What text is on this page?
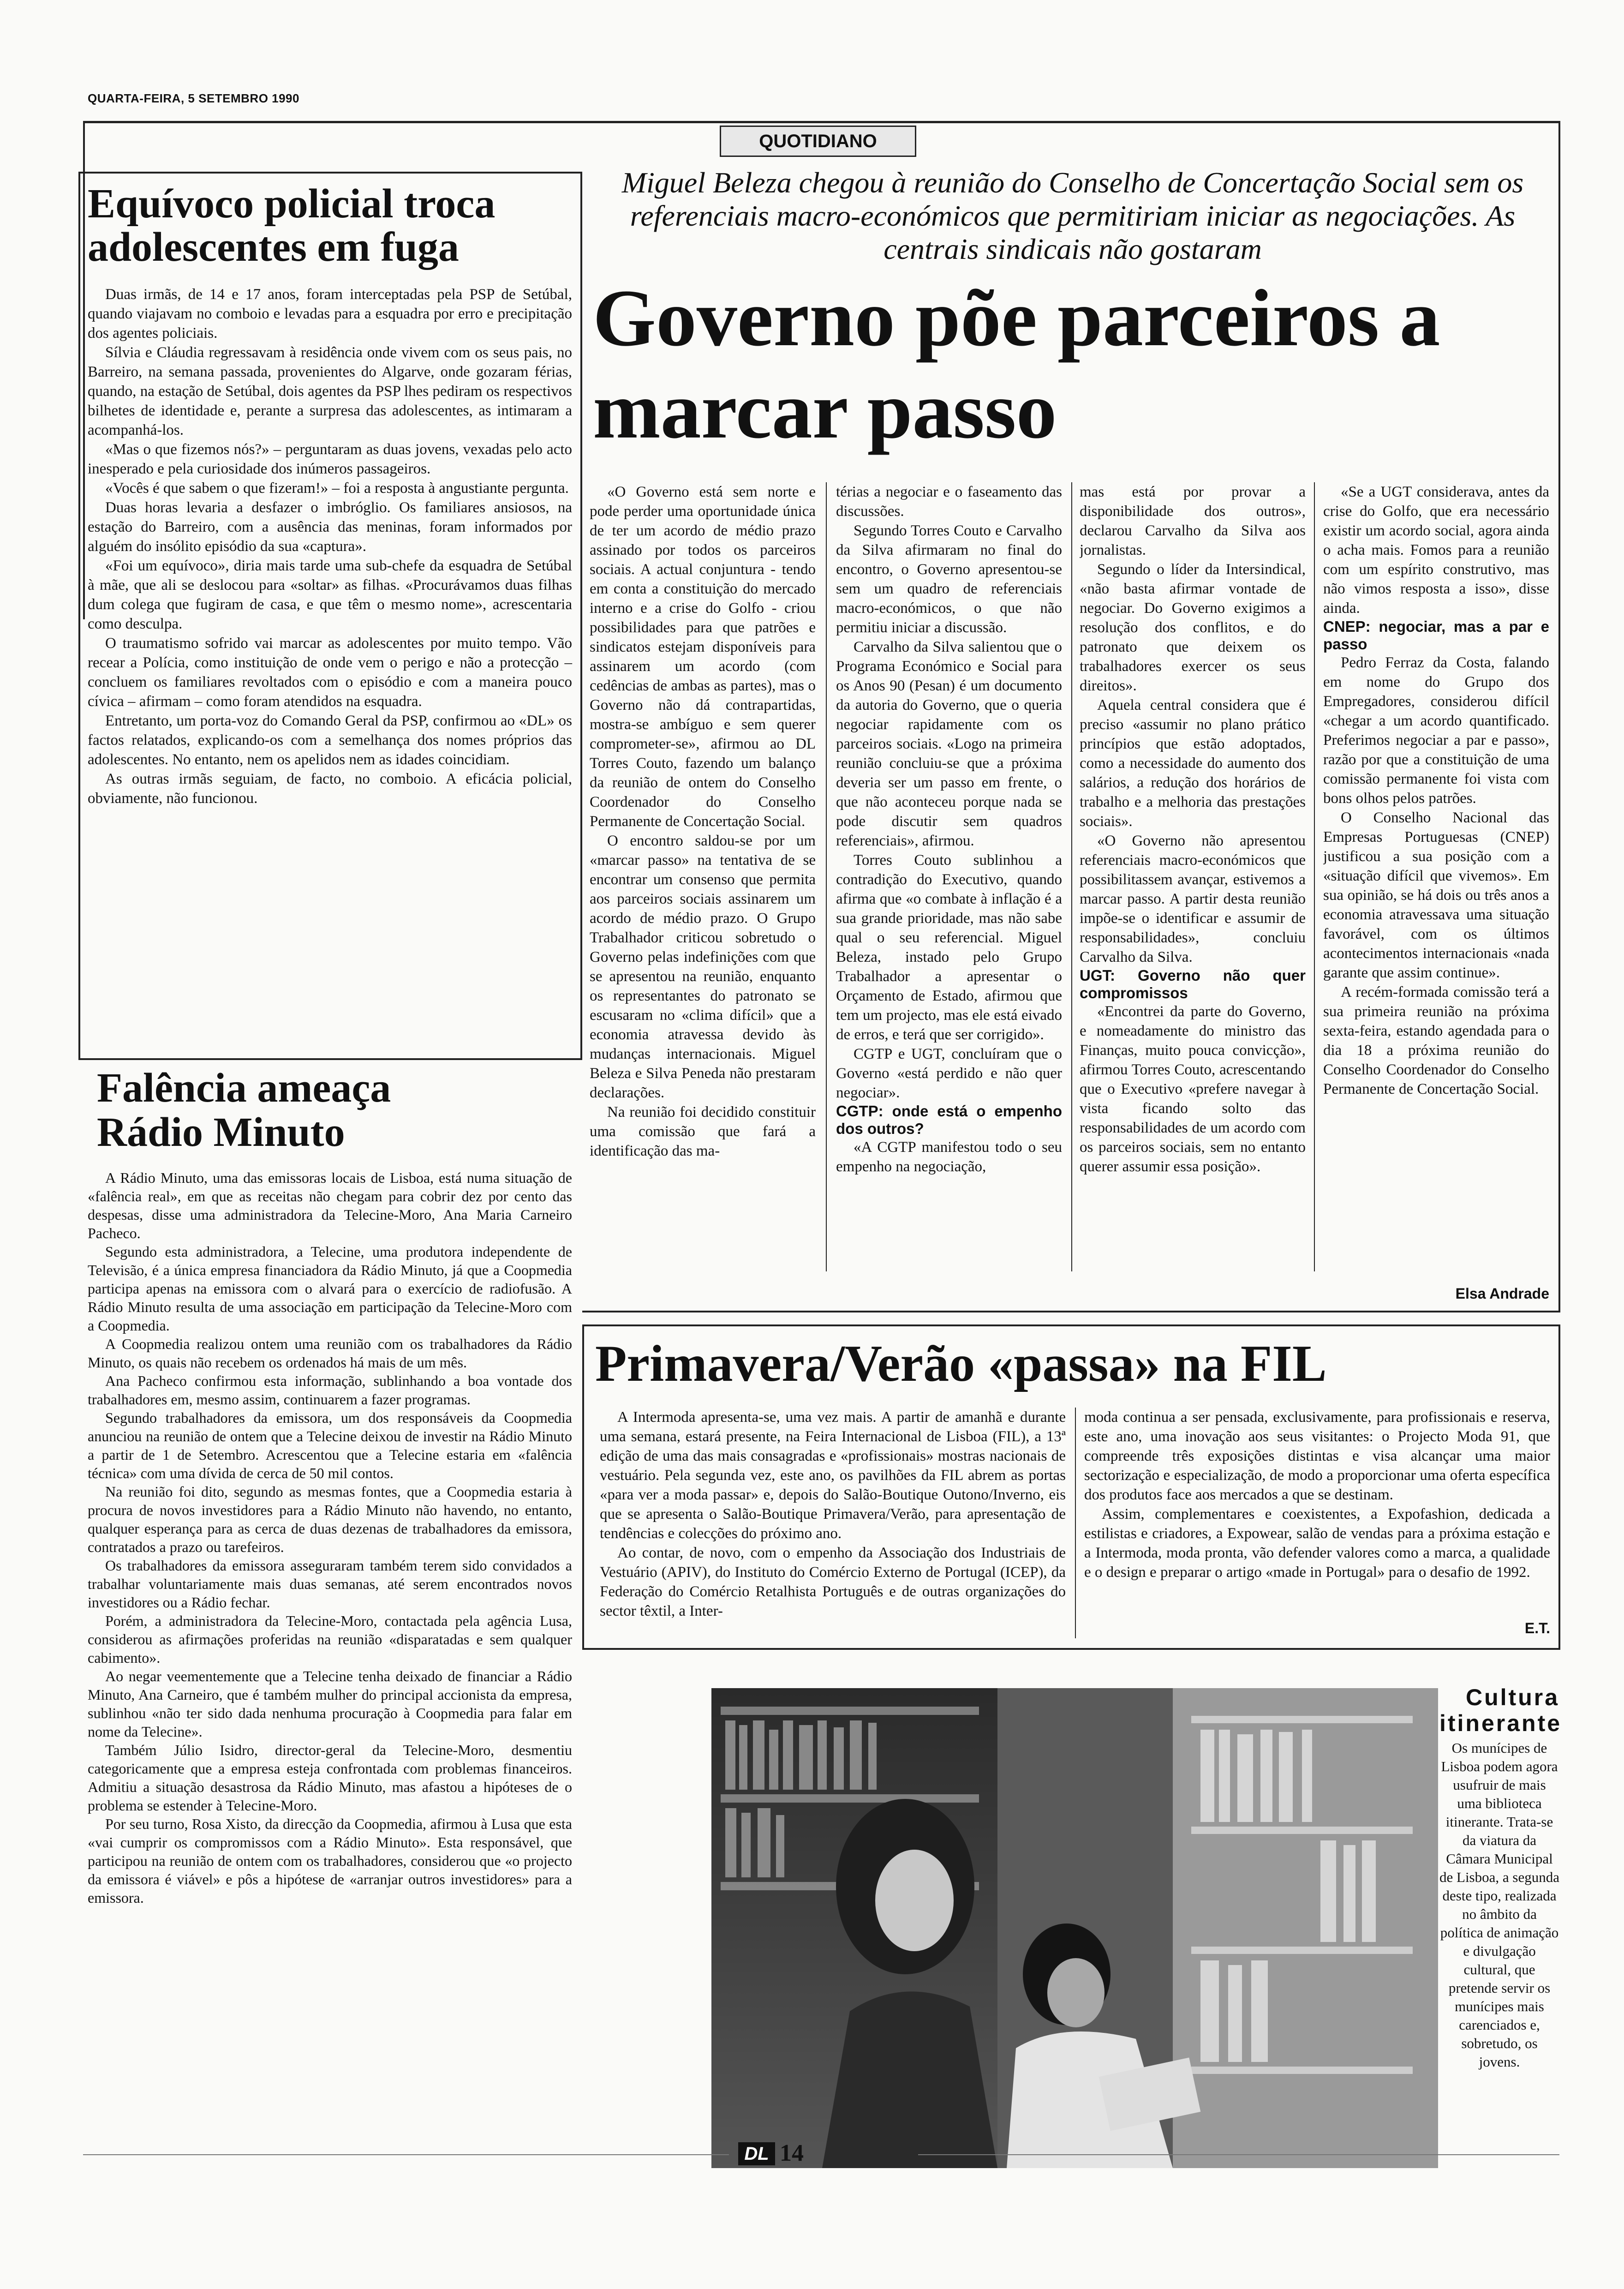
QUARTA-FEIRA, 5 SETEMBRO 1990
QUOTIDIANO
Equívoco policial troca adolescentes em fuga

Duas irmãs, de 14 e 17 anos, foram interceptadas pela PSP de Setúbal, quando viajavam no comboio e levadas para a esquadra por erro e precipitação dos agentes policiais.

Sílvia e Cláudia regressavam à residência onde vivem com os seus pais, no Barreiro, na semana passada, provenientes do Algarve, onde gozaram férias, quando, na estação de Setúbal, dois agentes da PSP lhes pediram os respectivos bilhetes de identidade e, perante a surpresa das adolescentes, as intimaram a acompanhá-los.

«Mas o que fizemos nós?» – perguntaram as duas jovens, vexadas pelo acto inesperado e pela curiosidade dos inúmeros passageiros.

«Vocês é que sabem o que fizeram!» – foi a resposta à angustiante pergunta.

Duas horas levaria a desfazer o imbróglio. Os familiares ansiosos, na estação do Barreiro, com a ausência das meninas, foram informados por alguém do insólito episódio da sua «captura».

«Foi um equívoco», diria mais tarde uma sub-chefe da esquadra de Setúbal à mãe, que ali se deslocou para «soltar» as filhas. «Procurávamos duas filhas dum colega que fugiram de casa, e que têm o mesmo nome», acrescentaria como desculpa.

O traumatismo sofrido vai marcar as adolescentes por muito tempo. Vão recear a Polícia, como instituição de onde vem o perigo e não a protecção – concluem os familiares revoltados com o episódio e com a maneira pouco cívica – afirmam – como foram atendidos na esquadra.

Entretanto, um porta-voz do Comando Geral da PSP, confirmou ao «DL» os factos relatados, explicando-os com a semelhança dos nomes próprios das adolescentes. No entanto, nem os apelidos nem as idades coincidiam.

As outras irmãs seguiam, de facto, no comboio. A eficácia policial, obviamente, não funcionou.

Falência ameaça Rádio Minuto

A Rádio Minuto, uma das emissoras locais de Lisboa, está numa situação de «falência real», em que as receitas não chegam para cobrir dez por cento das despesas, disse uma administradora da Telecine-Moro, Ana Maria Carneiro Pacheco.

Segundo esta administradora, a Telecine, uma produtora independente de Televisão, é a única empresa financiadora da Rádio Minuto, já que a Coopmedia participa apenas na emissora com o alvará para o exercício de radiofusão. A Rádio Minuto resulta de uma associação em participação da Telecine-Moro com a Coopmedia.

A Coopmedia realizou ontem uma reunião com os trabalhadores da Rádio Minuto, os quais não recebem os ordenados há mais de um mês.

Ana Pacheco confirmou esta informação, sublinhando a boa vontade dos trabalhadores em, mesmo assim, continuarem a fazer programas.

Segundo trabalhadores da emissora, um dos responsáveis da Coopmedia anunciou na reunião de ontem que a Telecine deixou de investir na Rádio Minuto a partir de 1 de Setembro. Acrescentou que a Telecine estaria em «falência técnica» com uma dívida de cerca de 50 mil contos.

Na reunião foi dito, segundo as mesmas fontes, que a Coopmedia estaria à procura de novos investidores para a Rádio Minuto não havendo, no entanto, qualquer esperança para as cerca de duas dezenas de trabalhadores da emissora, contratados a prazo ou tarefeiros.

Os trabalhadores da emissora asseguraram também terem sido convidados a trabalhar voluntariamente mais duas semanas, até serem encontrados novos investidores ou a Rádio fechar.

Porém, a administradora da Telecine-Moro, contactada pela agência Lusa, considerou as afirmações proferidas na reunião «disparatadas e sem qualquer cabimento».

Ao negar veementemente que a Telecine tenha deixado de financiar a Rádio Minuto, Ana Carneiro, que é também mulher do principal accionista da empresa, sublinhou «não ter sido dada nenhuma procuração à Coopmedia para falar em nome da Telecine».

Também Júlio Isidro, director-geral da Telecine-Moro, desmentiu categoricamente que a empresa esteja confrontada com problemas financeiros. Admitiu a situação desastrosa da Rádio Minuto, mas afastou a hipóteses de o problema se estender à Telecine-Moro.

Por seu turno, Rosa Xisto, da direcção da Coopmedia, afirmou à Lusa que esta «vai cumprir os compromissos com a Rádio Minuto». Esta responsável, que participou na reunião de ontem com os trabalhadores, considerou que «o projecto da emissora é viável» e pôs a hipótese de «arranjar outros investidores» para a emissora.

Miguel Beleza chegou à reunião do Conselho de Concertação Social sem os referenciais macro-económicos que permitiriam iniciar as negociações. As centrais sindicais não gostaram
Governo põe parceiros a marcar passo

«O Governo está sem norte e pode perder uma oportunidade única de ter um acordo de médio prazo assinado por todos os parceiros sociais. A actual conjuntura - tendo em conta a constituição do mercado interno e a crise do Golfo - criou possibilidades para que patrões e sindicatos estejam disponíveis para assinarem um acordo (com cedências de ambas as partes), mas o Governo não dá contrapartidas, mostra-se ambíguo e sem querer comprometer-se», afirmou ao DL Torres Couto, fazendo um balanço da reunião de ontem do Conselho Coordenador do Conselho Permanente de Concertação Social.

O encontro saldou-se por um «marcar passo» na tentativa de se encontrar um consenso que permita aos parceiros sociais assinarem um acordo de médio prazo. O Grupo Trabalhador criticou sobretudo o Governo pelas indefinições com que se apresentou na reunião, enquanto os representantes do patronato se escusaram no «clima difícil» que a economia atravessa devido às mudanças internacionais. Miguel Beleza e Silva Peneda não prestaram declarações.

Na reunião foi decidido constituir uma comissão que fará a identificação das ma-

térias a negociar e o faseamento das discussões.

Segundo Torres Couto e Carvalho da Silva afirmaram no final do encontro, o Governo apresentou-se sem um quadro de referenciais macro-económicos, o que não permitiu iniciar a discussão.

Carvalho da Silva salientou que o Programa Económico e Social para os Anos 90 (Pesan) é um documento da autoria do Governo, que o queria negociar rapidamente com os parceiros sociais. «Logo na primeira reunião concluiu-se que a próxima deveria ser um passo em frente, o que não aconteceu porque nada se pode discutir sem quadros referenciais», afirmou.

Torres Couto sublinhou a contradição do Executivo, quando afirma que «o combate à inflação é a sua grande prioridade, mas não sabe qual o seu referencial. Miguel Beleza, instado pelo Grupo Trabalhador a apresentar o Orçamento de Estado, afirmou que tem um projecto, mas ele está eivado de erros, e terá que ser corrigido».

CGTP e UGT, concluíram que o Governo «está perdido e não quer negociar».

CGTP: onde está o empenho dos outros?

«A CGTP manifestou todo o seu empenho na negociação,

mas está por provar a disponibilidade dos outros», declarou Carvalho da Silva aos jornalistas.

Segundo o líder da Intersindical, «não basta afirmar vontade de negociar. Do Governo exigimos a resolução dos conflitos, e do patronato que deixem os trabalhadores exercer os seus direitos».

Aquela central considera que é preciso «assumir no plano prático princípios que estão adoptados, como a necessidade do aumento dos salários, a redução dos horários de trabalho e a melhoria das prestações sociais».

«O Governo não apresentou referenciais macro-económicos que possibilitassem avançar, estivemos a marcar passo. A partir desta reunião impõe-se o identificar e assumir de responsabilidades», concluiu Carvalho da Silva.

UGT: Governo não quer compromissos

«Encontrei da parte do Governo, e nomeadamente do ministro das Finanças, muito pouca convicção», afirmou Torres Couto, acrescentando que o Executivo «prefere navegar à vista ficando solto das responsabilidades de um acordo com os parceiros sociais, sem no entanto querer assumir essa posição».

«Se a UGT considerava, antes da crise do Golfo, que era necessário existir um acordo social, agora ainda o acha mais. Fomos para a reunião com um espírito construtivo, mas não vimos resposta a isso», disse ainda.

CNEP: negociar, mas a par e passo

Pedro Ferraz da Costa, falando em nome do Grupo dos Empregadores, considerou difícil «chegar a um acordo quantificado. Preferimos negociar a par e passo», razão por que a constituição de uma comissão permanente foi vista com bons olhos pelos patrões.

O Conselho Nacional das Empresas Portuguesas (CNEP) justificou a sua posição com a «situação difícil que vivemos». Em sua opinião, se há dois ou três anos a economia atravessava uma situação favorável, com os últimos acontecimentos internacionais «nada garante que assim continue».

A recém-formada comissão terá a sua primeira reunião na próxima sexta-feira, estando agendada para o dia 18 a próxima reunião do Conselho Coordenador do Conselho Permanente de Concertação Social.

Elsa Andrade
Primavera/Verão «passa» na FIL

A Intermoda apresenta-se, uma vez mais. A partir de amanhã e durante uma semana, estará presente, na Feira Internacional de Lisboa (FIL), a 13ª edição de uma das mais consagradas e «profissionais» mostras nacionais de vestuário. Pela segunda vez, este ano, os pavilhões da FIL abrem as portas «para ver a moda passar» e, depois do Salão-Boutique Outono/Inverno, eis que se apresenta o Salão-Boutique Primavera/Verão, para apresentação de tendências e colecções do próximo ano.

Ao contar, de novo, com o empenho da Associação dos Industriais de Vestuário (APIV), do Instituto do Comércio Externo de Portugal (ICEP), da Federação do Comércio Retalhista Português e de outras organizações do sector têxtil, a Inter-

moda continua a ser pensada, exclusivamente, para profissionais e reserva, este ano, uma inovação aos seus visitantes: o Projecto Moda 91, que compreende três exposições distintas e visa alcançar uma maior sectorização e especialização, de modo a proporcionar uma oferta específica dos produtos face aos mercados a que se destinam.

Assim, complementares e coexistentes, a Expofashion, dedicada a estilistas e criadores, a Expowear, salão de vendas para a próxima estação e a Intermoda, moda pronta, vão defender valores como a marca, a qualidade e o design e preparar o artigo «made in Portugal» para o desafio de 1992.

E.T.
Cultura itinerante
Os munícipes de Lisboa podem agora usufruir de mais uma biblioteca itinerante. Trata-se da viatura da Câmara Municipal de Lisboa, a segunda deste tipo, realizada no âmbito da política de animação e divulgação cultural, que pretende servir os munícipes mais carenciados e, sobretudo, os jovens.
DL 14
